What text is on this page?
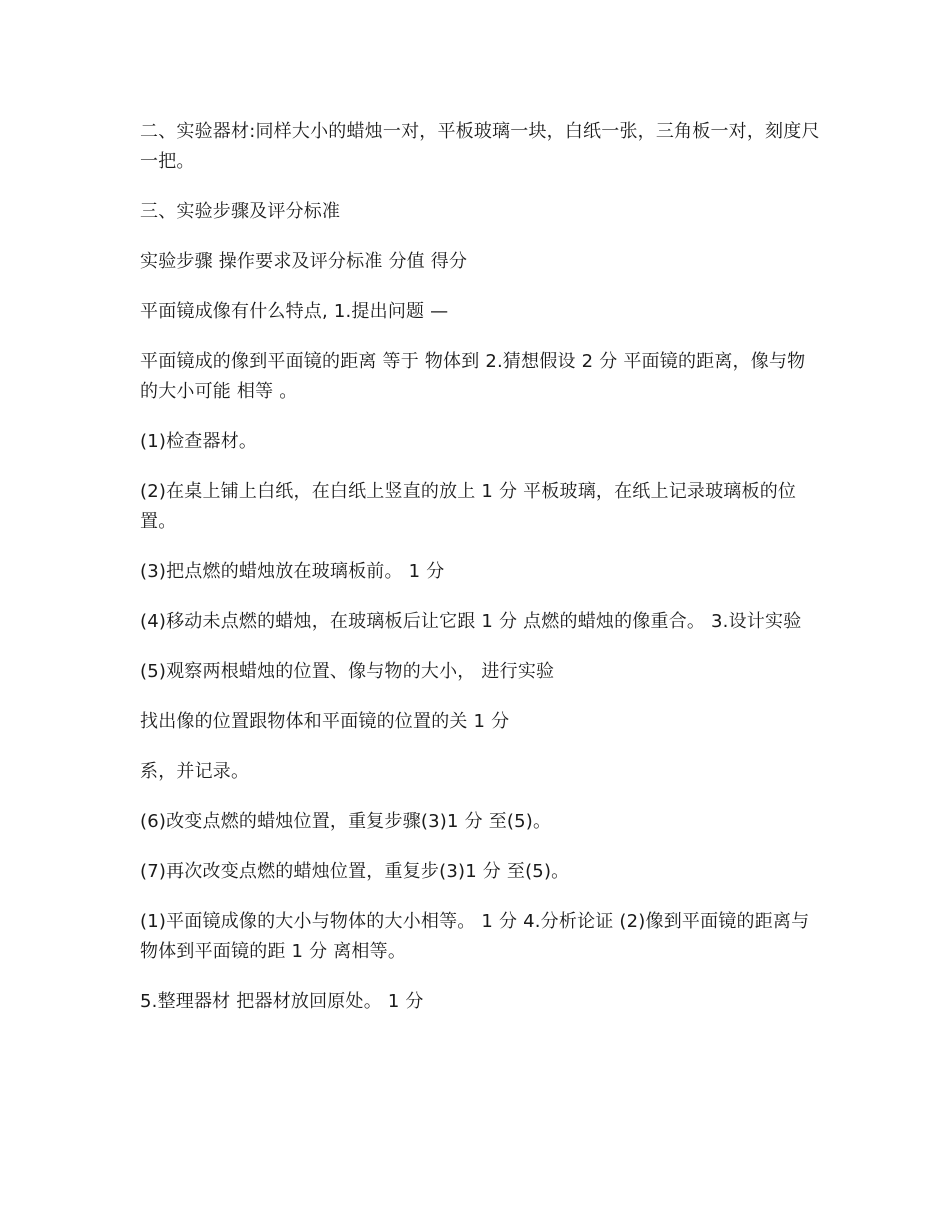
二、实验器材:同样大小的蜡烛一对，平板玻璃一块，白纸一张，三角板一对，刻度尺一把。

三、实验步骤及评分标准

实验步骤 操作要求及评分标准 分值 得分

平面镜成像有什么特点, 1.提出问题 —

平面镜成的像到平面镜的距离 等于 物体到 2.猜想假设 2 分 平面镜的距离，像与物的大小可能 相等 。

(1)检查器材。

(2)在桌上铺上白纸，在白纸上竖直的放上 1 分 平板玻璃，在纸上记录玻璃板的位置。

(3)把点燃的蜡烛放在玻璃板前。 1 分

(4)移动未点燃的蜡烛，在玻璃板后让它跟 1 分 点燃的蜡烛的像重合。 3.设计实验

(5)观察两根蜡烛的位置、像与物的大小， 进行实验

找出像的位置跟物体和平面镜的位置的关 1 分

系，并记录。

(6)改变点燃的蜡烛位置，重复步骤(3)1 分 至(5)。

(7)再次改变点燃的蜡烛位置，重复步(3)1 分 至(5)。

(1)平面镜成像的大小与物体的大小相等。 1 分 4.分析论证 (2)像到平面镜的距离与物体到平面镜的距 1 分 离相等。

5.整理器材 把器材放回原处。 1 分
